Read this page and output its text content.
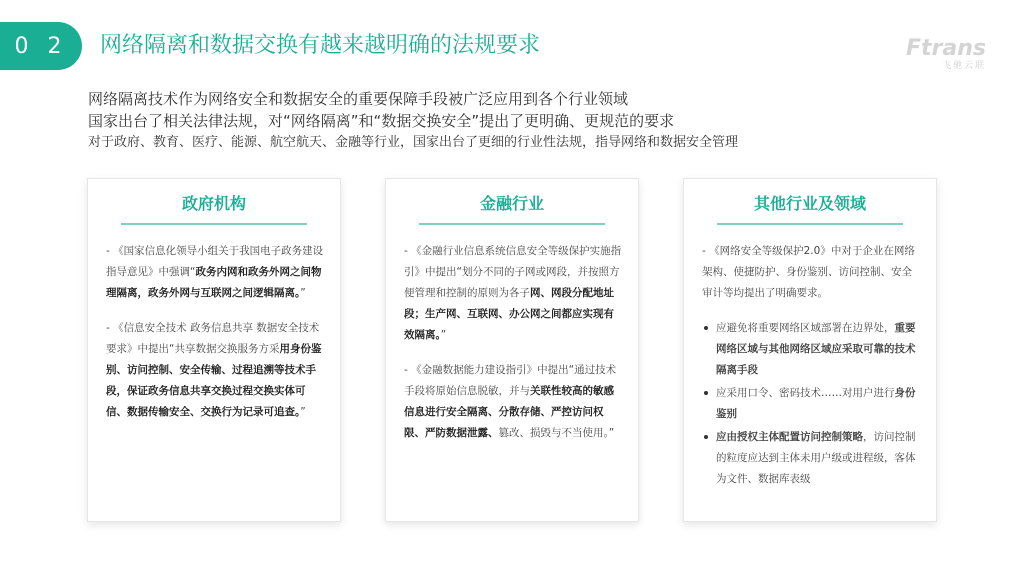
0 2	网络隔离和数据交换有越来越明确的法规要求	Ftrans
飞驰云联
网络隔离技术作为网络安全和数据安全的重要保障手段被广泛应用到各个行业领域
国家出台了相关法律法规，对“网络隔离”和“数据交换安全”提出了更明确、更规范的要求
对于政府、教育、医疗、能源、航空航天、金融等行业，国家出台了更细的行业性法规，指导网络和数据安全管理
政府机构
- 《国家信息化领导小组关于我国电子政务建设指导意见》中强调“政务内网和政务外网之间物理隔离，政务外网与互联网之间逻辑隔离。”
- 《信息安全技术 政务信息共享 数据安全技术要求》中提出“共享数据交换服务方采用身份鉴别、访问控制、安全传输、过程追溯等技术手段，保证政务信息共享交换过程交换实体可信、数据传输安全、交换行为记录可追查。”
金融行业
- 《金融行业信息系统信息安全等级保护实施指引》中提出“划分不同的子网或网段，并按照方便管理和控制的原则为各子网、网段分配地址段；生产网、互联网、办公网之间都应实现有效隔离。”
- 《金融数据能力建设指引》中提出“通过技术手段将原始信息脱敏，并与关联性较高的敏感信息进行安全隔离、分散存储、严控访问权限、严防数据泄露、篡改、损毁与不当使用。”
其他行业及领域
- 《网络安全等级保护2.0》中对于企业在网络架构、使捷防护、身份鉴别、访问控制、安全审计等均提出了明确要求。
应避免将重要网络区域部署在边界处，重要网络区域与其他网络区域应采取可靠的技术隔离手段
应采用口令、密码技术……对用户进行身份鉴别
应由授权主体配置访问控制策略，访问控制的粒度应达到主体未用户级或进程级，客体为文件、数据库表级
